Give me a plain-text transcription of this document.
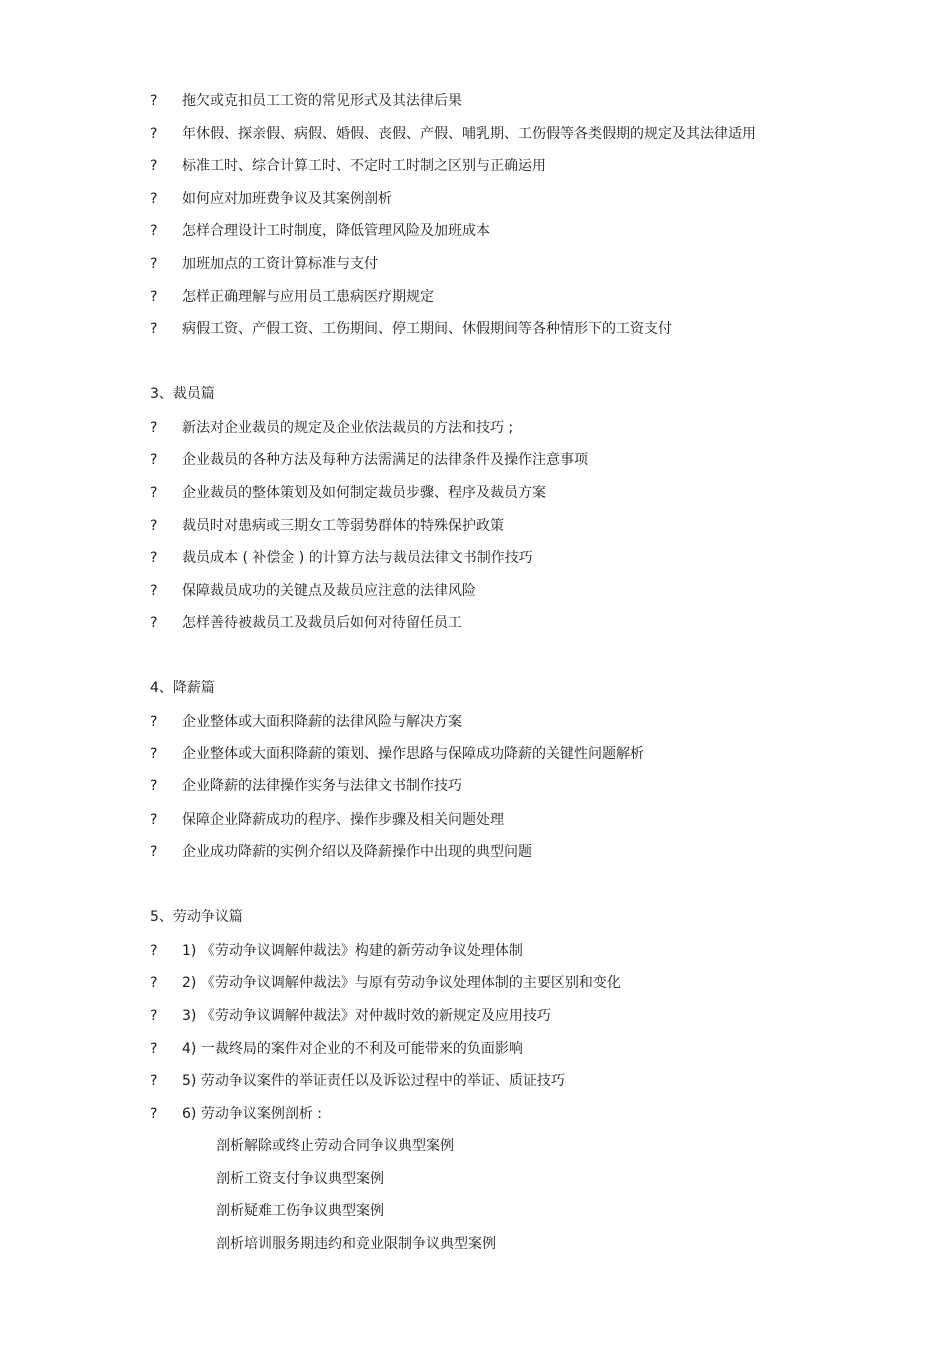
? 拖欠或克扣员工工资的常见形式及其法律后果
? 年休假、探亲假、病假、婚假、丧假、产假、哺乳期、工伤假等各类假期的规定及其法律适用
? 标准工时、综合计算工时、不定时工时制之区别与正确运用
? 如何应对加班费争议及其案例剖析
? 怎样合理设计工时制度，降低管理风险及加班成本
? 加班加点的工资计算标准与支付
? 怎样正确理解与应用员工患病医疗期规定
? 病假工资、产假工资、工伤期间、停工期间、休假期间等各种情形下的工资支付
3、裁员篇
? 新法对企业裁员的规定及企业依法裁员的方法和技巧 ;
? 企业裁员的各种方法及每种方法需满足的法律条件及操作注意事项
? 企业裁员的整体策划及如何制定裁员步骤、程序及裁员方案
? 裁员时对患病或三期女工等弱势群体的特殊保护政策
? 裁员成本 ( 补偿金 ) 的计算方法与裁员法律文书制作技巧
? 保障裁员成功的关键点及裁员应注意的法律风险
? 怎样善待被裁员工及裁员后如何对待留任员工
4、降薪篇
? 企业整体或大面积降薪的法律风险与解决方案
? 企业整体或大面积降薪的策划、操作思路与保障成功降薪的关键性问题解析
? 企业降薪的法律操作实务与法律文书制作技巧
? 保障企业降薪成功的程序、操作步骤及相关问题处理
? 企业成功降薪的实例介绍以及降薪操作中出现的典型问题
5、劳动争议篇
? 1) 《劳动争议调解仲裁法》构建的新劳动争议处理体制
? 2) 《劳动争议调解仲裁法》与原有劳动争议处理体制的主要区别和变化
? 3) 《劳动争议调解仲裁法》对仲裁时效的新规定及应用技巧
? 4) 一裁终局的案件对企业的不利及可能带来的负面影响
? 5) 劳动争议案件的举证责任以及诉讼过程中的举证、质证技巧
? 6) 劳动争议案例剖析 :
剖析解除或终止劳动合同争议典型案例
剖析工资支付争议典型案例
剖析疑难工伤争议典型案例
剖析培训服务期违约和竞业限制争议典型案例
